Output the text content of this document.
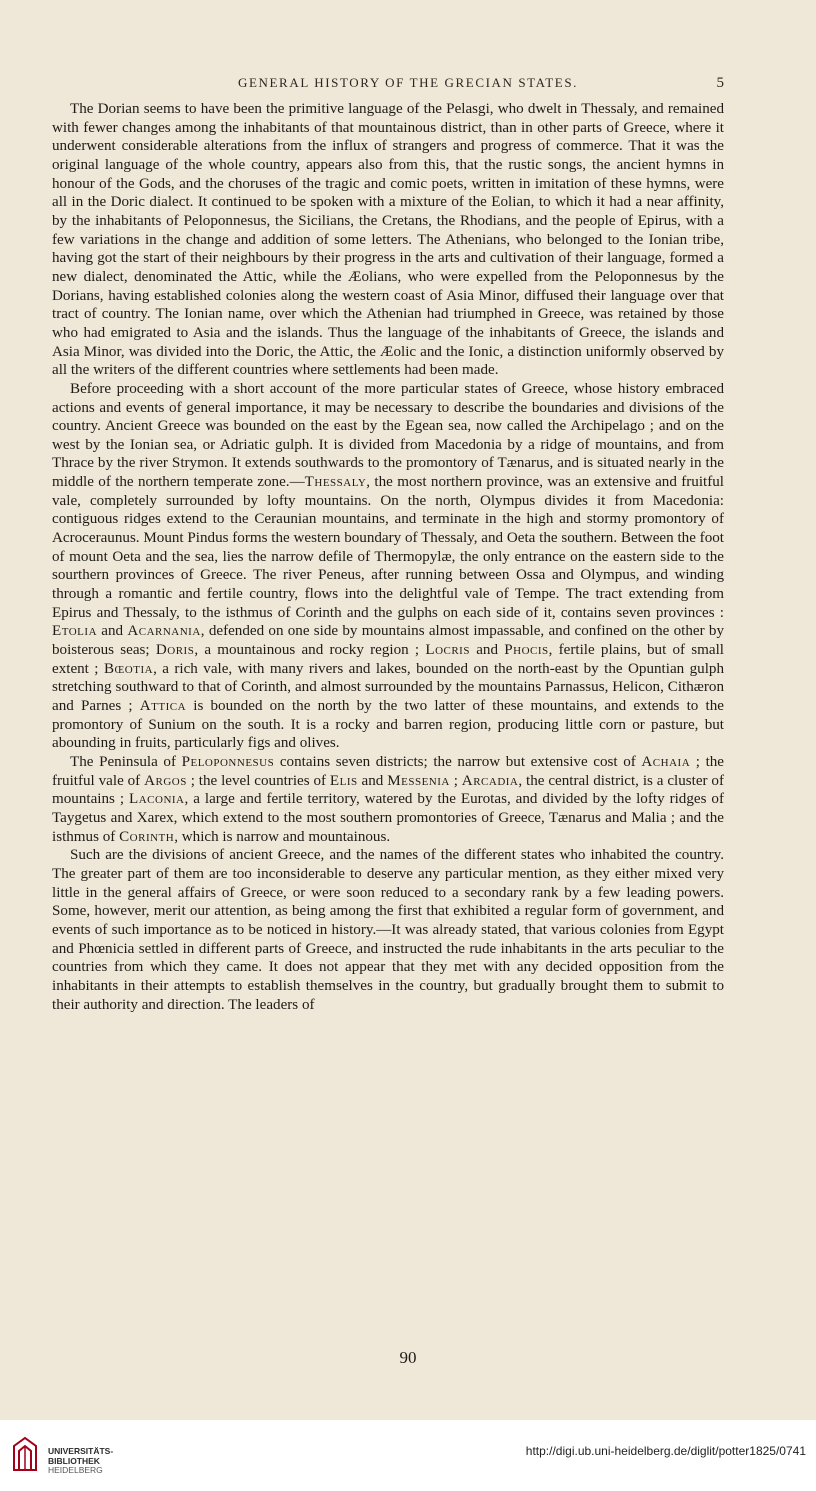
GENERAL HISTORY OF THE GRECIAN STATES.	5

The Dorian seems to have been the primitive language of the Pelasgi, who dwelt in Thessaly, and remained with fewer changes among the inhabitants of that mountainous district, than in other parts of Greece, where it underwent considerable alterations from the influx of strangers and progress of commerce. That it was the original language of the whole country, appears also from this, that the rustic songs, the ancient hymns in honour of the Gods, and the choruses of the tragic and comic poets, written in imitation of these hymns, were all in the Doric dialect. It continued to be spoken with a mixture of the Eolian, to which it had a near affinity, by the inhabitants of Peloponnesus, the Sicilians, the Cretans, the Rhodians, and the people of Epirus, with a few variations in the change and addition of some letters. The Athenians, who belonged to the Ionian tribe, having got the start of their neighbours by their progress in the arts and cultivation of their language, formed a new dialect, denominated the Attic, while the Æolians, who were expelled from the Peloponnesus by the Dorians, having established colonies along the western coast of Asia Minor, diffused their language over that tract of country. The Ionian name, over which the Athenian had triumphed in Greece, was retained by those who had emigrated to Asia and the islands. Thus the language of the inhabitants of Greece, the islands and Asia Minor, was divided into the Doric, the Attic, the Æolic and the Ionic, a distinction uniformly observed by all the writers of the different countries where settlements had been made.

Before proceeding with a short account of the more particular states of Greece, whose history embraced actions and events of general importance, it may be necessary to describe the boundaries and divisions of the country. Ancient Greece was bounded on the east by the Egean sea, now called the Archipelago ; and on the west by the Ionian sea, or Adriatic gulph. It is divided from Macedonia by a ridge of mountains, and from Thrace by the river Strymon. It extends southwards to the promontory of Tænarus, and is situated nearly in the middle of the northern temperate zone.—Thessaly, the most northern province, was an extensive and fruitful vale, completely surrounded by lofty mountains. On the north, Olympus divides it from Macedonia: contiguous ridges extend to the Ceraunian mountains, and terminate in the high and stormy promontory of Acroceraunus. Mount Pindus forms the western boundary of Thessaly, and Oeta the southern. Between the foot of mount Oeta and the sea, lies the narrow defile of Thermopylæ, the only entrance on the eastern side to the sourthern provinces of Greece. The river Peneus, after running between Ossa and Olympus, and winding through a romantic and fertile country, flows into the delightful vale of Tempe. The tract extending from Epirus and Thessaly, to the isthmus of Corinth and the gulphs on each side of it, contains seven provinces : Etolia and Acarnania, defended on one side by mountains almost impassable, and confined on the other by boisterous seas; Doris, a mountainous and rocky region ; Locris and Phocis, fertile plains, but of small extent ; Bœotia, a rich vale, with many rivers and lakes, bounded on the north-east by the Opuntian gulph stretching southward to that of Corinth, and almost surrounded by the mountains Parnassus, Helicon, Cithæron and Parnes ; Attica is bounded on the north by the two latter of these mountains, and extends to the promontory of Sunium on the south. It is a rocky and barren region, producing little corn or pasture, but abounding in fruits, particularly figs and olives.

The Peninsula of Peloponnesus contains seven districts; the narrow but extensive cost of Achaia ; the fruitful vale of Argos ; the level countries of Elis and Messenia ; Arcadia, the central district, is a cluster of mountains ; Laconia, a large and fertile territory, watered by the Eurotas, and divided by the lofty ridges of Taygetus and Xarex, which extend to the most southern promontories of Greece, Tænarus and Malia ; and the isthmus of Corinth, which is narrow and mountainous.

Such are the divisions of ancient Greece, and the names of the different states who inhabited the country. The greater part of them are too inconsiderable to deserve any particular mention, as they either mixed very little in the general affairs of Greece, or were soon reduced to a secondary rank by a few leading powers. Some, however, merit our attention, as being among the first that exhibited a regular form of government, and events of such importance as to be noticed in history.—It was already stated, that various colonies from Egypt and Phœnicia settled in different parts of Greece, and instructed the rude inhabitants in the arts peculiar to the countries from which they came. It does not appear that they met with any decided opposition from the inhabitants in their attempts to establish themselves in the country, but gradually brought them to submit to their authority and direction. The leaders of

90
UNIVERSITÄTS-
BIBLIOTHEK
HEIDELBERG
http://digi.ub.uni-heidelberg.de/diglit/potter1825/0741
